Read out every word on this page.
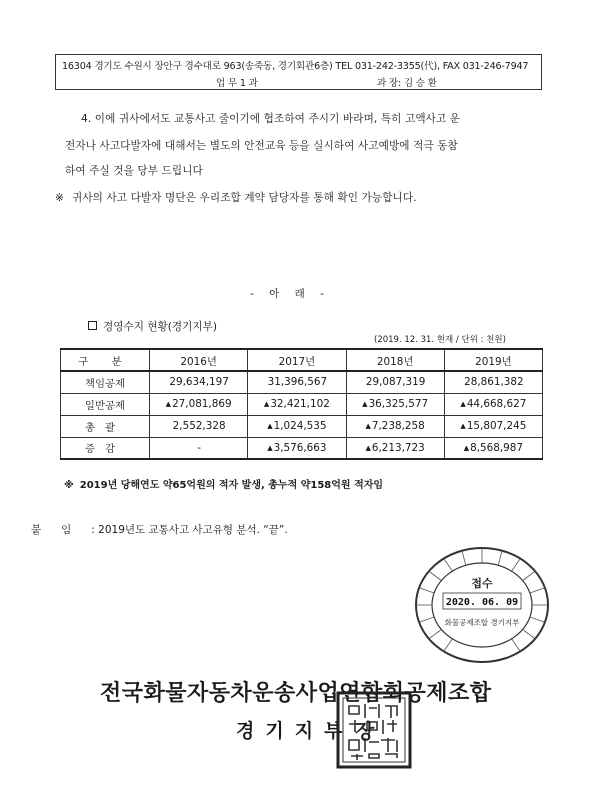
16304 경기도 수원시 장안구 경수대로 963(송죽동, 경기회관6층) TEL 031-242-3355(代), FAX 031-246-7947
업 무 1 과	과 장: 김 승 환
4. 이에 귀사에서도 교통사고 줄이기에 협조하여 주시기 바라며, 특히 고액사고 운
전자나 사고다발자에 대해서는 별도의 안전교육 등을 실시하여 사고예방에 적극 동참
하여 주실 것을 당부 드립니다
※ 귀사의 사고 다발자 명단은 우리조합 계약 담당자를 통해 확인 가능합니다.
- 아 래 -
경영수지 현황(경기지부)
(2019. 12. 31. 현재 / 단위 : 천원)
구 분	2016년	2017년	2018년	2019년
책임공제	29,634,197	31,396,567	29,087,319	28,861,382
일반공제	▲27,081,869	▲32,421,102	▲36,325,577	▲44,668,627
총괄	2,552,328	▲1,024,535	▲7,238,258	▲15,807,245
증감	-	▲3,576,663	▲6,213,723	▲8,568,987
※ 2019년 당해연도 약65억원의 적자 발생, 총누적 약158억원 적자임
붙임: 2019년도 교통사고 사고유형 분석. “끝”.
접수
2020. 06. 09
화물공제조합 경기지부
전국화물자동차운송사업연합회공제조합
경기지부 장
